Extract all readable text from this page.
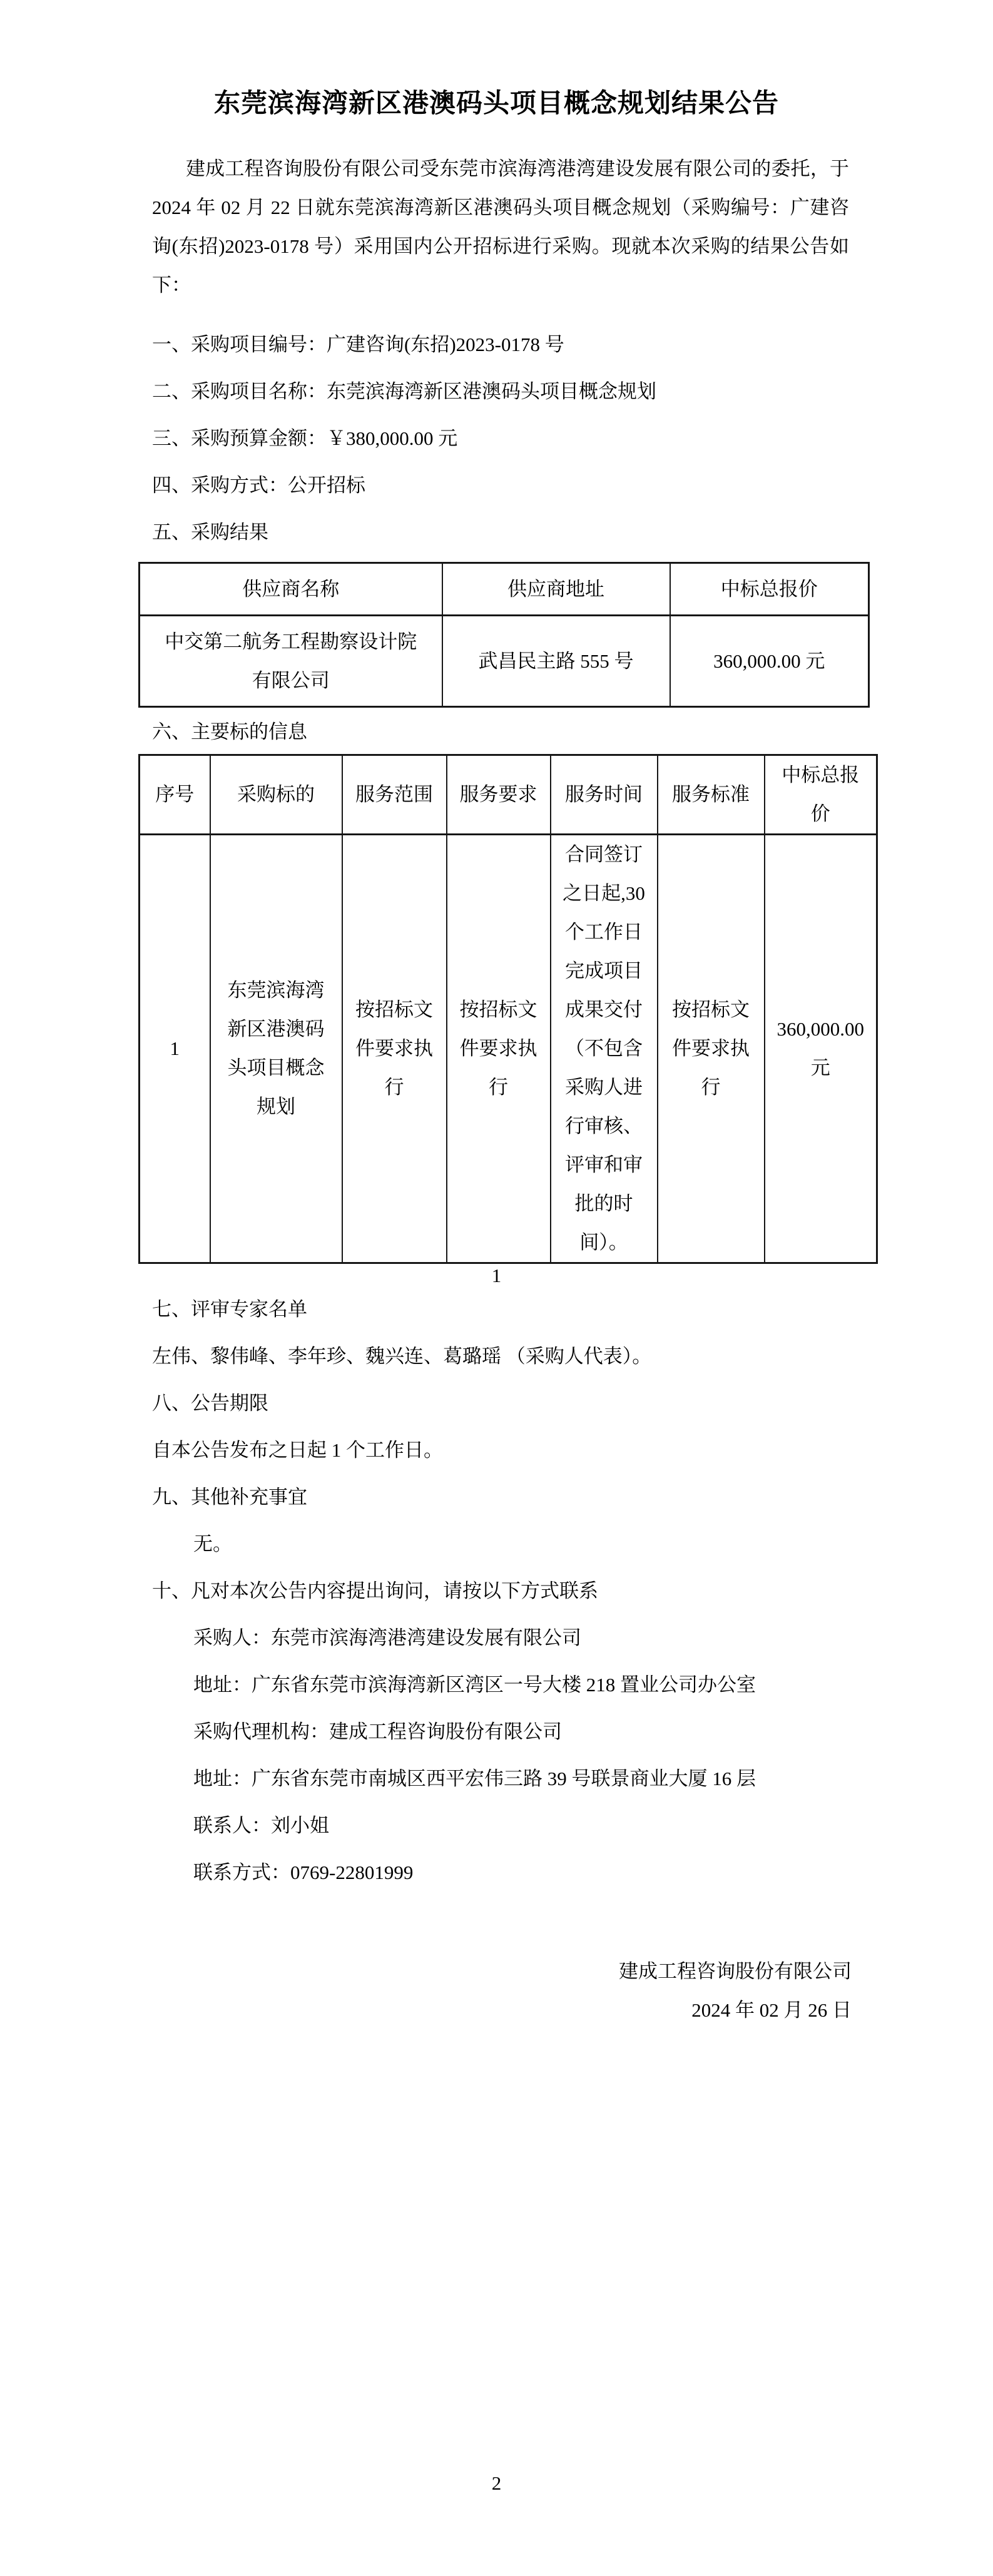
东莞滨海湾新区港澳码头项目概念规划结果公告
建成工程咨询股份有限公司受东莞市滨海湾港湾建设发展有限公司的委托，于 2024 年 02 月 22 日就东莞滨海湾新区港澳码头项目概念规划（采购编号：广建咨询(东招)2023-0178 号）采用国内公开招标进行采购。现就本次采购的结果公告如下：
一、采购项目编号：广建咨询(东招)2023-0178 号
二、采购项目名称：东莞滨海湾新区港澳码头项目概念规划
三、采购预算金额：￥380,000.00 元
四、采购方式：公开招标
五、采购结果
供应商名称	供应商地址	中标总报价
中交第二航务工程勘察设计院有限公司	武昌民主路 555 号	360,000.00 元
六、主要标的信息
序号	采购标的	服务范围	服务要求	服务时间	服务标准	中标总报价
1	东莞滨海湾新区港澳码头项目概念规划	按招标文件要求执行	按招标文件要求执行	合同签订之日起,30 个工作日完成项目成果交付（不包含采购人进行审核、评审和审批的时间）。	按招标文件要求执行	360,000.00 元
1
七、评审专家名单
左伟、黎伟峰、李年珍、魏兴连、葛璐瑶 （采购人代表）。
八、公告期限
自本公告发布之日起 1 个工作日。
九、其他补充事宜
无。
十、凡对本次公告内容提出询问，请按以下方式联系
采购人：东莞市滨海湾港湾建设发展有限公司
地址：广东省东莞市滨海湾新区湾区一号大楼 218 置业公司办公室
采购代理机构：建成工程咨询股份有限公司
地址：广东省东莞市南城区西平宏伟三路 39 号联景商业大厦 16 层
联系人：刘小姐
联系方式：0769-22801999
建成工程咨询股份有限公司
2024 年 02 月 26 日
2
